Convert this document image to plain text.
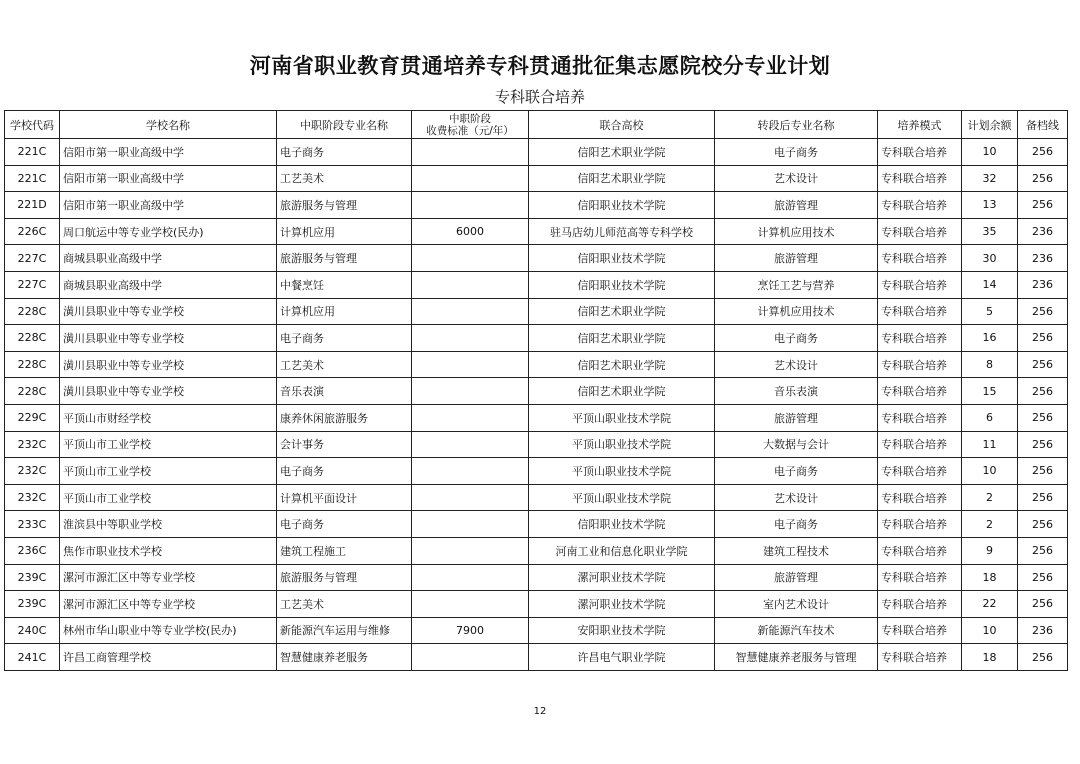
河南省职业教育贯通培养专科贯通批征集志愿院校分专业计划
专科联合培养
学校代码	学校名称	中职阶段专业名称	中职阶段
收费标准（元/年）	联合高校	转段后专业名称	培养模式	计划余额	备档线
221C	信阳市第一职业高级中学	电子商务		信阳艺术职业学院	电子商务	专科联合培养	10	256
221C	信阳市第一职业高级中学	工艺美术		信阳艺术职业学院	艺术设计	专科联合培养	32	256
221D	信阳市第一职业高级中学	旅游服务与管理		信阳职业技术学院	旅游管理	专科联合培养	13	256
226C	周口航运中等专业学校(民办)	计算机应用	6000	驻马店幼儿师范高等专科学校	计算机应用技术	专科联合培养	35	236
227C	商城县职业高级中学	旅游服务与管理		信阳职业技术学院	旅游管理	专科联合培养	30	236
227C	商城县职业高级中学	中餐烹饪		信阳职业技术学院	烹饪工艺与营养	专科联合培养	14	236
228C	潢川县职业中等专业学校	计算机应用		信阳艺术职业学院	计算机应用技术	专科联合培养	5	256
228C	潢川县职业中等专业学校	电子商务		信阳艺术职业学院	电子商务	专科联合培养	16	256
228C	潢川县职业中等专业学校	工艺美术		信阳艺术职业学院	艺术设计	专科联合培养	8	256
228C	潢川县职业中等专业学校	音乐表演		信阳艺术职业学院	音乐表演	专科联合培养	15	256
229C	平顶山市财经学校	康养休闲旅游服务		平顶山职业技术学院	旅游管理	专科联合培养	6	256
232C	平顶山市工业学校	会计事务		平顶山职业技术学院	大数据与会计	专科联合培养	11	256
232C	平顶山市工业学校	电子商务		平顶山职业技术学院	电子商务	专科联合培养	10	256
232C	平顶山市工业学校	计算机平面设计		平顶山职业技术学院	艺术设计	专科联合培养	2	256
233C	淮滨县中等职业学校	电子商务		信阳职业技术学院	电子商务	专科联合培养	2	256
236C	焦作市职业技术学校	建筑工程施工		河南工业和信息化职业学院	建筑工程技术	专科联合培养	9	256
239C	漯河市源汇区中等专业学校	旅游服务与管理		漯河职业技术学院	旅游管理	专科联合培养	18	256
239C	漯河市源汇区中等专业学校	工艺美术		漯河职业技术学院	室内艺术设计	专科联合培养	22	256
240C	林州市华山职业中等专业学校(民办)	新能源汽车运用与维修	7900	安阳职业技术学院	新能源汽车技术	专科联合培养	10	236
241C	许昌工商管理学校	智慧健康养老服务		许昌电气职业学院	智慧健康养老服务与管理	专科联合培养	18	256
12
